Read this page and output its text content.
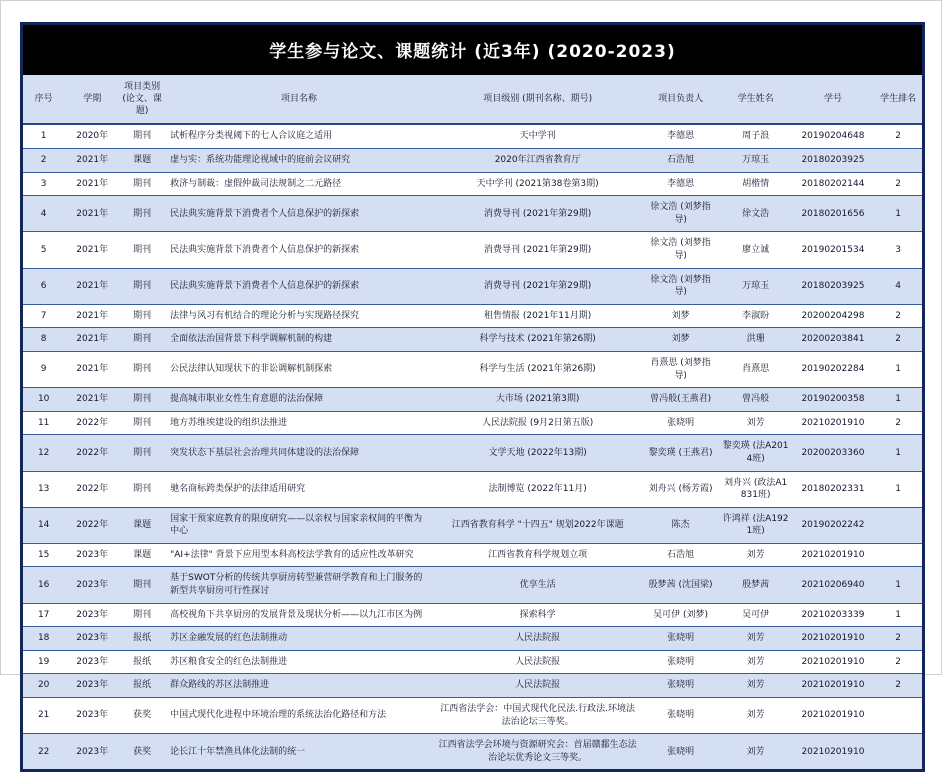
学生参与论文、课题统计 (近3年) (2020-2023)
序号	学期	项目类别 (论文、课题)	项目名称	项目级别 (期刊名称、期号)	项目负责人	学生姓名	学号	学生排名
1	2020年	期刊	试析程序分类视阈下的七人合议庭之适用	天中学刊	李德恩	周子浪	20190204648	2
2	2021年	课题	虚与实：系统功能理论视域中的庭前会议研究	2020年江西省教育厅	石浩旭	万琼玉	20180203925	
3	2021年	期刊	救济与制裁：虚假仲裁司法规制之二元路径	天中学刊 (2021第38卷第3期)	李德恩	胡楷情	20180202144	2
4	2021年	期刊	民法典实施背景下消费者个人信息保护的新探索	消费导刊 (2021年第29期)	徐文浩 (刘梦指导)	徐文浩	20180201656	1
5	2021年	期刊	民法典实施背景下消费者个人信息保护的新探索	消费导刊 (2021年第29期)	徐文浩 (刘梦指导)	廖立诚	20190201534	3
6	2021年	期刊	民法典实施背景下消费者个人信息保护的新探索	消费导刊 (2021年第29期)	徐文浩 (刘梦指导)	万琼玉	20180203925	4
7	2021年	期刊	法律与风习有机结合的理论分析与实现路径探究	租售情报 (2021年11月期)	刘梦	李淑盼	20200204298	2
8	2021年	期刊	全面依法治国背景下科学调解机制的构建	科学与技术 (2021年第26期)	刘梦	洪珊	20200203841	2
9	2021年	期刊	公民法律认知现状下的非讼调解机制探索	科学与生活 (2021年第26期)	肖熹思 (刘梦指导)	肖熹思	20190202284	1
10	2021年	期刊	提高城市职业女性生育意愿的法治保障	大市场 (2021第3期)	曾冯般(王燕君)	曾冯般	20190200358	1
11	2022年	期刊	地方苏维埃建设的组织法推进	人民法院报 (9月2日第五版)	张晓明	刘芳	20210201910	2
12	2022年	期刊	突发状态下基层社会治理共同体建设的法治保障	文学天地 (2022年13期)	黎奕瑛 (王燕君)	黎奕瑛 (法A2014班)	20200203360	1
13	2022年	期刊	驰名商标跨类保护的法律适用研究	法制博览 (2022年11月)	刘舟兴 (杨芳霞)	刘舟兴 (政法A1831班)	20180202331	1
14	2022年	课题	国家干预家庭教育的限度研究——以亲权与国家亲权间的平衡为中心	江西省教育科学 "十四五" 规划2022年课题	陈杰	许鸿祥 (法A1921班)	20190202242	
15	2023年	课题	"AI+法律" 背景下应用型本科高校法学教育的适应性改革研究	江西省教育科学规划立项	石浩旭	刘芳	20210201910	
16	2023年	期刊	基于SWOT分析的传统共享厨房转型兼营研学教育和上门服务的新型共享厨房可行性探讨	优享生活	殷梦茜 (沈国梁)	殷梦茜	20210206940	1
17	2023年	期刊	高校视角下共享厨房的发展背景及现状分析——以九江市区为例	探索科学	吴可伊 (刘梦)	吴可伊	20210203339	1
18	2023年	报纸	苏区金融发展的红色法制推动	人民法院报	张晓明	刘芳	20210201910	2
19	2023年	报纸	苏区粮食安全的红色法制推进	人民法院报	张晓明	刘芳	20210201910	2
20	2023年	报纸	群众路线的苏区法制推进	人民法院报	张晓明	刘芳	20210201910	2
21	2023年	获奖	中国式现代化进程中环境治理的系统法治化路径和方法	江西省法学会：中国式现代化民法.行政法.环境法法治论坛三等奖。	张晓明	刘芳	20210201910	
22	2023年	获奖	论长江十年禁渔具体化法制的统一	江西省法学会环境与资源研究会：首届赣鄱生态法治论坛优秀论文三等奖。	张晓明	刘芳	20210201910	
